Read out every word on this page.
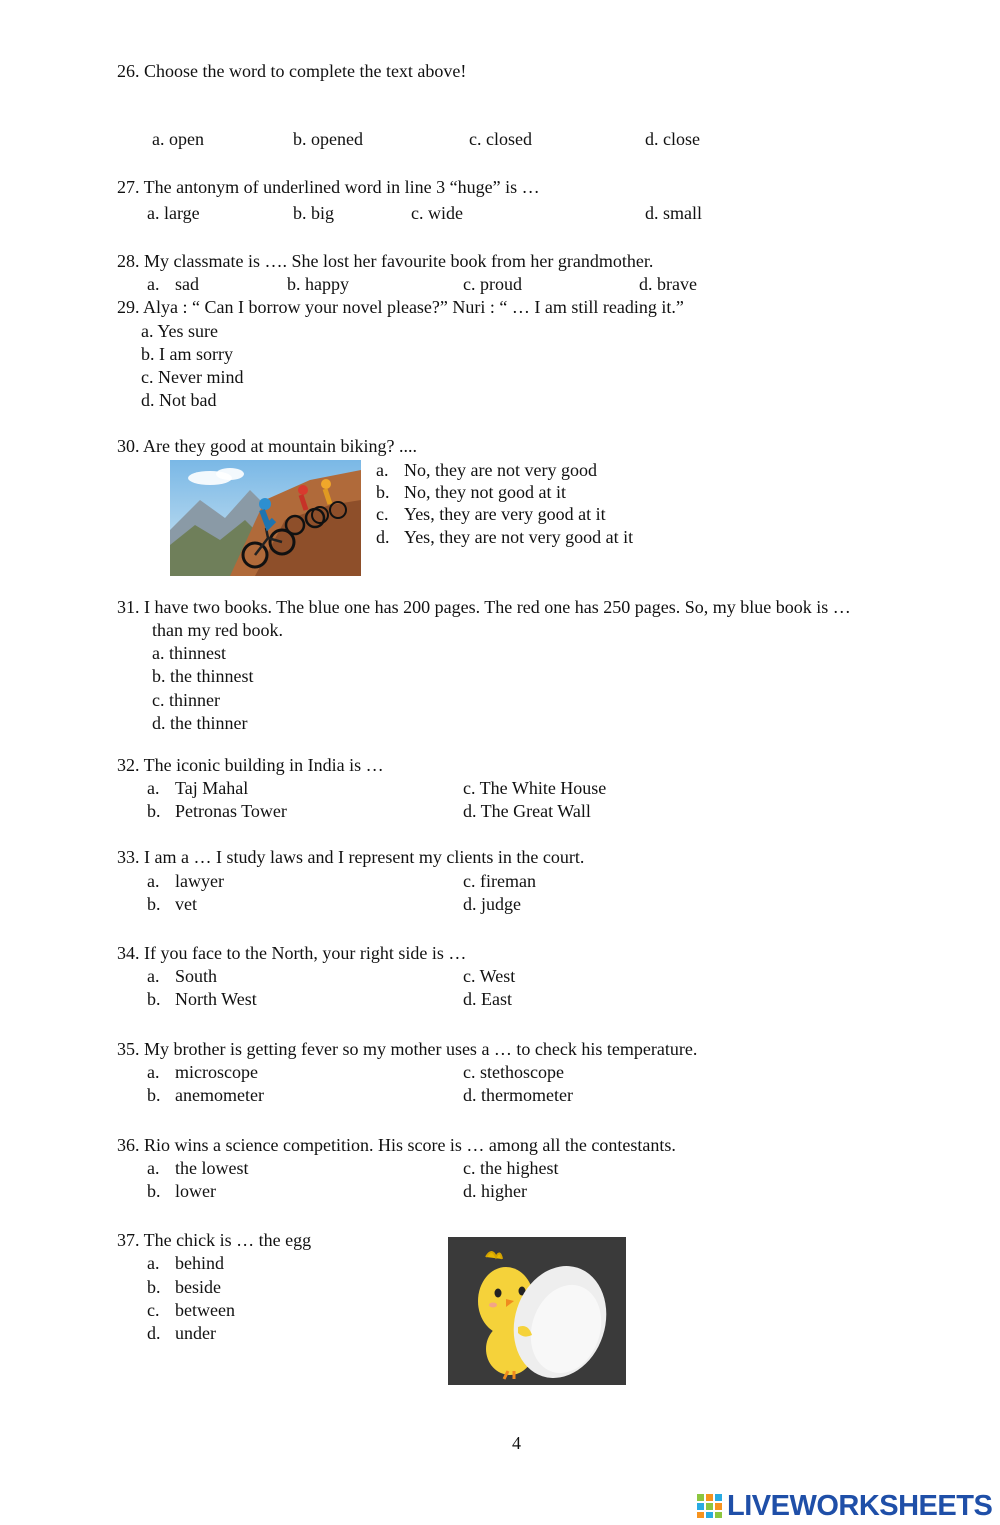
26. Choose the word to complete the text above!
a. open	b. opened	c. closed	d. close
27. The antonym of underlined word in line 3 “huge” is …
a. large	b. big	c. wide	d. small
28. My classmate is …. She lost her favourite book from her grandmother.
a. sad	b. happy	c. proud	d. brave
29. Alya : “ Can I borrow your novel please?” Nuri : “ … I am still reading it.”
a. Yes sure
b. I am sorry
c. Never mind
d. Not bad
30. Are they good at mountain biking? ....
a. No, they are not very good
b. No, they not good at it
c. Yes, they are very good at it
d. Yes, they are not very good at it
31. I have two books. The blue one has 200 pages. The red one has 250 pages. So, my blue book is …
than my red book.
a. thinnest
b. the thinnest
c. thinner
d. the thinner
32. The iconic building in India is …
a. Taj Mahal
b. Petronas Tower
c. The White House
d. The Great Wall
33. I am a … I study laws and I represent my clients in the court.
a. lawyer
b. vet
c. fireman
d. judge
34. If you face to the North, your right side is …
a. South
b. North West
c. West
d. East
35. My brother is getting fever so my mother uses a … to check his temperature.
a. microscope
b. anemometer
c. stethoscope
d. thermometer
36. Rio wins a science competition. His score is … among all the contestants.
a. the lowest
b. lower
c. the highest
d. higher
37. The chick is … the egg
a. behind
b. beside
c. between
d. under
4
LIVEWORKSHEETS
